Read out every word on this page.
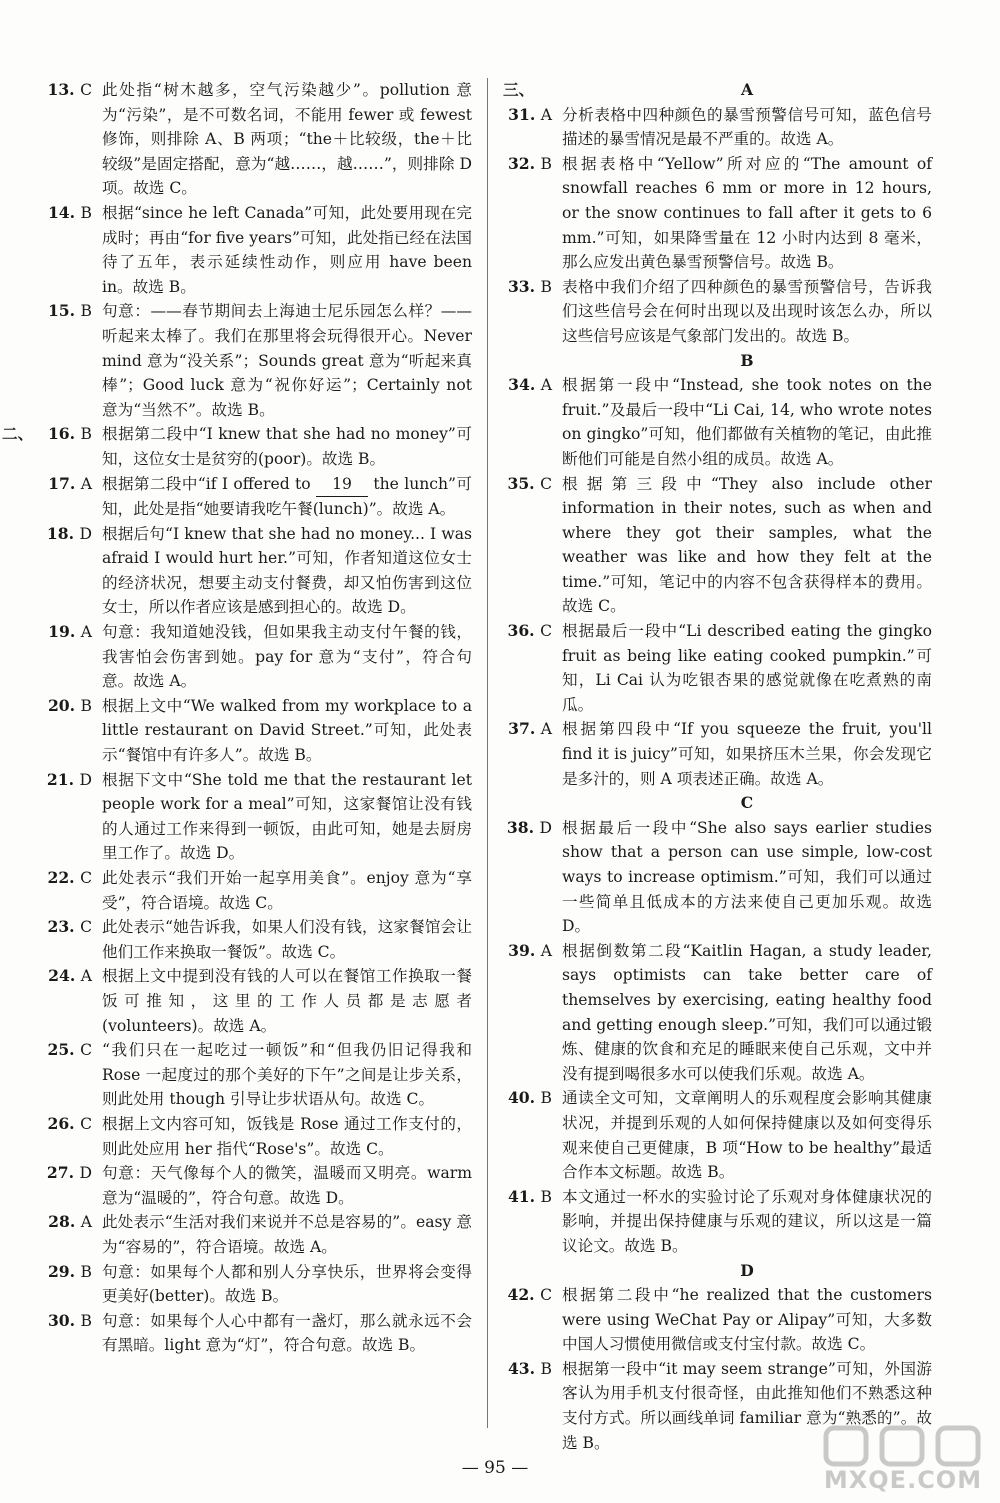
13. C 此处指“树木越多，空气污染越少”。pollution 意为“污染”，是不可数名词，不能用 fewer 或 fewest 修饰，则排除 A、B 两项；“the＋比较级，the＋比较级”是固定搭配，意为“越……，越……”，则排除 D 项。故选 C。

14. B 根据“since he left Canada”可知，此处要用现在完成时；再由“for five years”可知，此处指已经在法国待了五年，表示延续性动作，则应用 have been in。故选 B。

15. B 句意：——春节期间去上海迪士尼乐园怎么样？——听起来太棒了。我们在那里将会玩得很开心。Never mind 意为“没关系”；Sounds great 意为“听起来真棒”；Good luck 意为“祝你好运”；Certainly not 意为“当然不”。故选 B。

二、 16. B 根据第二段中“I knew that she had no money”可知，这位女士是贫穷的(poor)。故选 B。

17. A 根据第二段中“if I offered to 19 the lunch”可知，此处是指“她要请我吃午餐(lunch)”。故选 A。

18. D 根据后句“I knew that she had no money... I was afraid I would hurt her.”可知，作者知道这位女士的经济状况，想要主动支付餐费，却又怕伤害到这位女士，所以作者应该是感到担心的。故选 D。

19. A 句意：我知道她没钱，但如果我主动支付午餐的钱，我害怕会伤害到她。pay for 意为“支付”，符合句意。故选 A。

20. B 根据上文中“We walked from my workplace to a little restaurant on David Street.”可知，此处表示“餐馆中有许多人”。故选 B。

21. D 根据下文中“She told me that the restaurant let people work for a meal”可知，这家餐馆让没有钱的人通过工作来得到一顿饭，由此可知，她是去厨房里工作了。故选 D。

22. C 此处表示“我们开始一起享用美食”。enjoy 意为“享受”，符合语境。故选 C。

23. C 此处表示“她告诉我，如果人们没有钱，这家餐馆会让他们工作来换取一餐饭”。故选 C。

24. A 根据上文中提到没有钱的人可以在餐馆工作换取一餐饭可推知，这里的工作人员都是志愿者(volunteers)。故选 A。

25. C “我们只在一起吃过一顿饭”和“但我仍旧记得我和 Rose 一起度过的那个美好的下午”之间是让步关系，则此处用 though 引导让步状语从句。故选 C。

26. C 根据上文内容可知，饭钱是 Rose 通过工作支付的，则此处应用 her 指代“Rose's”。故选 C。

27. D 句意：天气像每个人的微笑，温暖而又明亮。warm 意为“温暖的”，符合句意。故选 D。

28. A 此处表示“生活对我们来说并不总是容易的”。easy 意为“容易的”，符合语境。故选 A。

29. B 句意：如果每个人都和别人分享快乐，世界将会变得更美好(better)。故选 B。

30. B 句意：如果每个人心中都有一盏灯，那么就永远不会有黑暗。light 意为“灯”，符合句意。故选 B。

三、	A

31. A 分析表格中四种颜色的暴雪预警信号可知，蓝色信号描述的暴雪情况是最不严重的。故选 A。

32. B 根据表格中“Yellow”所对应的“The amount of snowfall reaches 6 mm or more in 12 hours, or the snow continues to fall after it gets to 6 mm.”可知，如果降雪量在 12 小时内达到 8 毫米，那么应发出黄色暴雪预警信号。故选 B。

33. B 表格中我们介绍了四种颜色的暴雪预警信号，告诉我们这些信号会在何时出现以及出现时该怎么办，所以这些信号应该是气象部门发出的。故选 B。

B

34. A 根据第一段中“Instead, she took notes on the fruit.”及最后一段中“Li Cai, 14, who wrote notes on gingko”可知，他们都做有关植物的笔记，由此推断他们可能是自然小组的成员。故选 A。

35. C 根据第三段中“They also include other information in their notes, such as when and where they got their samples, what the weather was like and how they felt at the time.”可知，笔记中的内容不包含获得样本的费用。故选 C。

36. C 根据最后一段中“Li described eating the gingko fruit as being like eating cooked pumpkin.”可知，Li Cai 认为吃银杏果的感觉就像在吃煮熟的南瓜。

37. A 根据第四段中“If you squeeze the fruit, you'll find it is juicy”可知，如果挤压木兰果，你会发现它是多汁的，则 A 项表述正确。故选 A。

C

38. D 根据最后一段中“She also says earlier studies show that a person can use simple, low-cost ways to increase optimism.”可知，我们可以通过一些简单且低成本的方法来使自己更加乐观。故选 D。

39. A 根据倒数第二段“Kaitlin Hagan, a study leader, says optimists can take better care of themselves by exercising, eating healthy food and getting enough sleep.”可知，我们可以通过锻炼、健康的饮食和充足的睡眠来使自己乐观，文中并没有提到喝很多水可以使我们乐观。故选 A。

40. B 通读全文可知，文章阐明人的乐观程度会影响其健康状况，并提到乐观的人如何保持健康以及如何变得乐观来使自己更健康，B 项“How to be healthy”最适合作本文标题。故选 B。

41. B 本文通过一杯水的实验讨论了乐观对身体健康状况的影响，并提出保持健康与乐观的建议，所以这是一篇议论文。故选 B。

D

42. C 根据第二段中“he realized that the customers were using WeChat Pay or Alipay”可知，大多数中国人习惯使用微信或支付宝付款。故选 C。

43. B 根据第一段中“it may seem strange”可知，外国游客认为用手机支付很奇怪，由此推知他们不熟悉这种支付方式。所以画线单词 familiar 意为“熟悉的”。故选 B。

— 95 —	MXQE.COM
